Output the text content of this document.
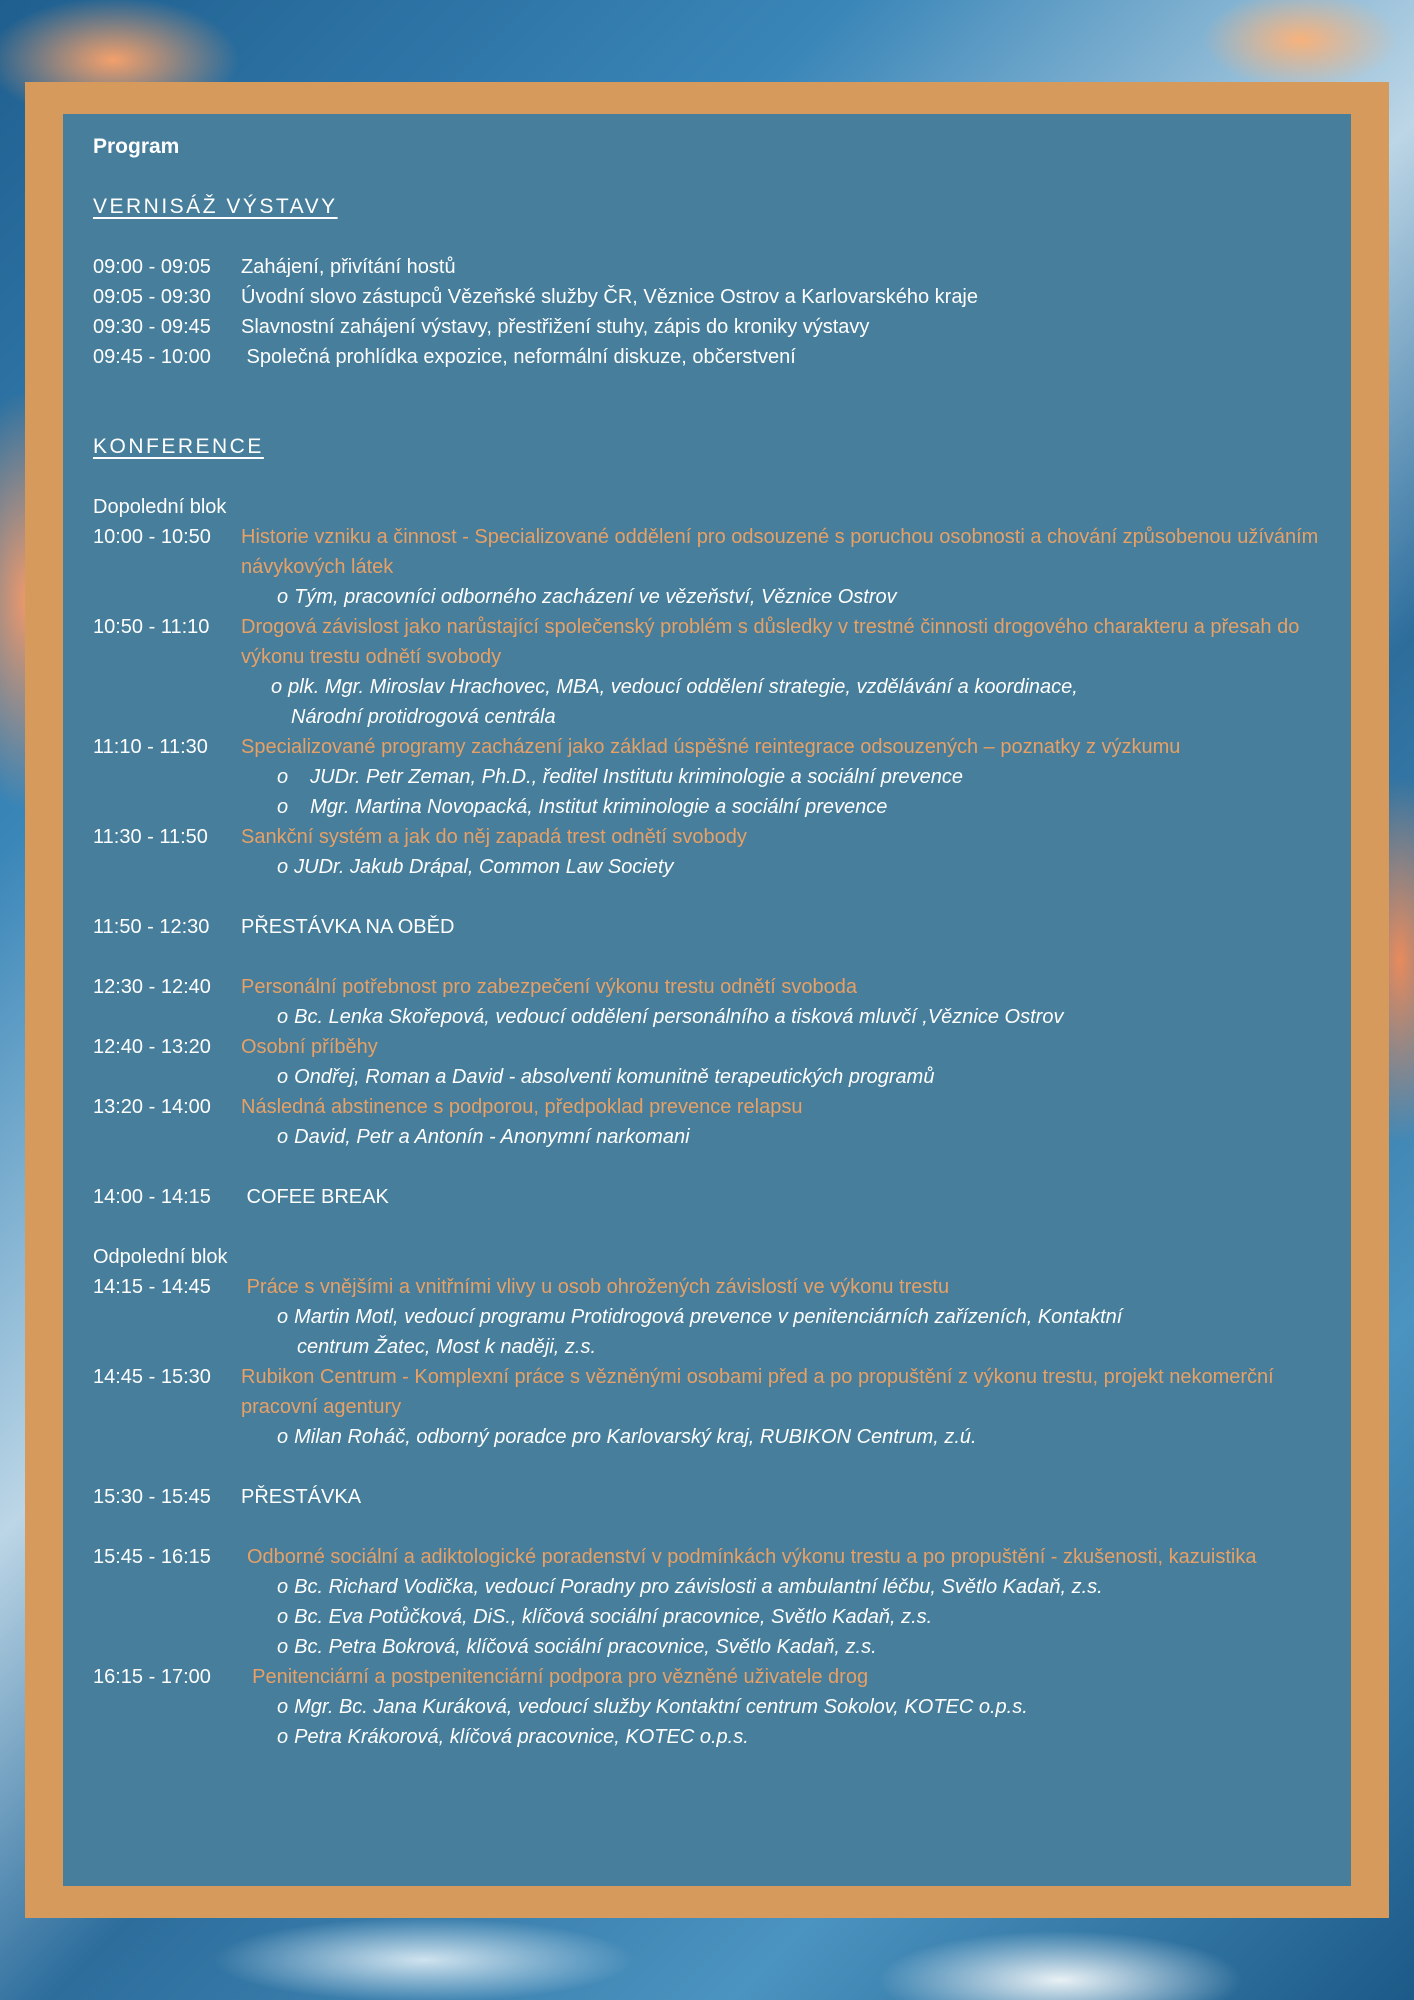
Program

VERNISÁŽ VÝSTAVY

09:00 - 09:05	Zahájení, přivítání hostů
09:05 - 09:30	Úvodní slovo zástupců Vězeňské služby ČR, Věznice Ostrov a Karlovarského kraje
09:30 - 09:45	Slavnostní zahájení výstavy, přestřižení stuhy, zápis do kroniky výstavy
09:45 - 10:00	Společná prohlídka expozice, neformální diskuze, občerstvení

KONFERENCE

Dopolední blok

10:00 - 10:50	Historie vzniku a činnost - Specializované oddělení pro odsouzené s poruchou osobnosti a chování způsobenou užíváním návykových látek
o Tým, pracovníci odborného zacházení ve vězeňství, Věznice Ostrov
10:50 - 11:10	Drogová závislost jako narůstající společenský problém s důsledky v trestné činnosti drogového charakteru a přesah do výkonu trestu odnětí svobody
o plk. Mgr. Miroslav Hrachovec, MBA, vedoucí oddělení strategie, vzdělávání a koordinace,
Národní protidrogová centrála
11:10 - 11:30	Specializované programy zacházení jako základ úspěšné reintegrace odsouzených – poznatky z výzkumu
o JUDr. Petr Zeman, Ph.D., ředitel Institutu kriminologie a sociální prevence
o Mgr. Martina Novopacká, Institut kriminologie a sociální prevence
11:30 - 11:50	Sankční systém a jak do něj zapadá trest odnětí svobody
o JUDr. Jakub Drápal, Common Law Society
11:50 - 12:30	PŘESTÁVKA NA OBĚD
12:30 - 12:40	Personální potřebnost pro zabezpečení výkonu trestu odnětí svoboda
o Bc. Lenka Skořepová, vedoucí oddělení personálního a tisková mluvčí ,Věznice Ostrov
12:40 - 13:20	Osobní příběhy
o Ondřej, Roman a David - absolventi komunitně terapeutických programů
13:20 - 14:00	Následná abstinence s podporou, předpoklad prevence relapsu
o David, Petr a Antonín - Anonymní narkomani
14:00 - 14:15	COFEE BREAK

Odpolední blok

14:15 - 14:45	Práce s vnějšími a vnitřními vlivy u osob ohrožených závislostí ve výkonu trestu
o Martin Motl, vedoucí programu Protidrogová prevence v penitenciárních zařízeních, Kontaktní
centrum Žatec, Most k naději, z.s.
14:45 - 15:30	Rubikon Centrum - Komplexní práce s vězněnými osobami před a po propuštění z výkonu trestu, projekt nekomerční pracovní agentury
o Milan Roháč, odborný poradce pro Karlovarský kraj, RUBIKON Centrum, z.ú.
15:30 - 15:45	PŘESTÁVKA
15:45 - 16:15	Odborné sociální a adiktologické poradenství v podmínkách výkonu trestu a po propuštění - zkušenosti, kazuistika
o Bc. Richard Vodička, vedoucí Poradny pro závislosti a ambulantní léčbu, Světlo Kadaň, z.s.
o Bc. Eva Potůčková, DiS., klíčová sociální pracovnice, Světlo Kadaň, z.s.
o Bc. Petra Bokrová, klíčová sociální pracovnice, Světlo Kadaň, z.s.
16:15 - 17:00	Penitenciární a postpenitenciární podpora pro vězněné uživatele drog
o Mgr. Bc. Jana Kuráková, vedoucí služby Kontaktní centrum Sokolov, KOTEC o.p.s.
o Petra Krákorová, klíčová pracovnice, KOTEC o.p.s.
